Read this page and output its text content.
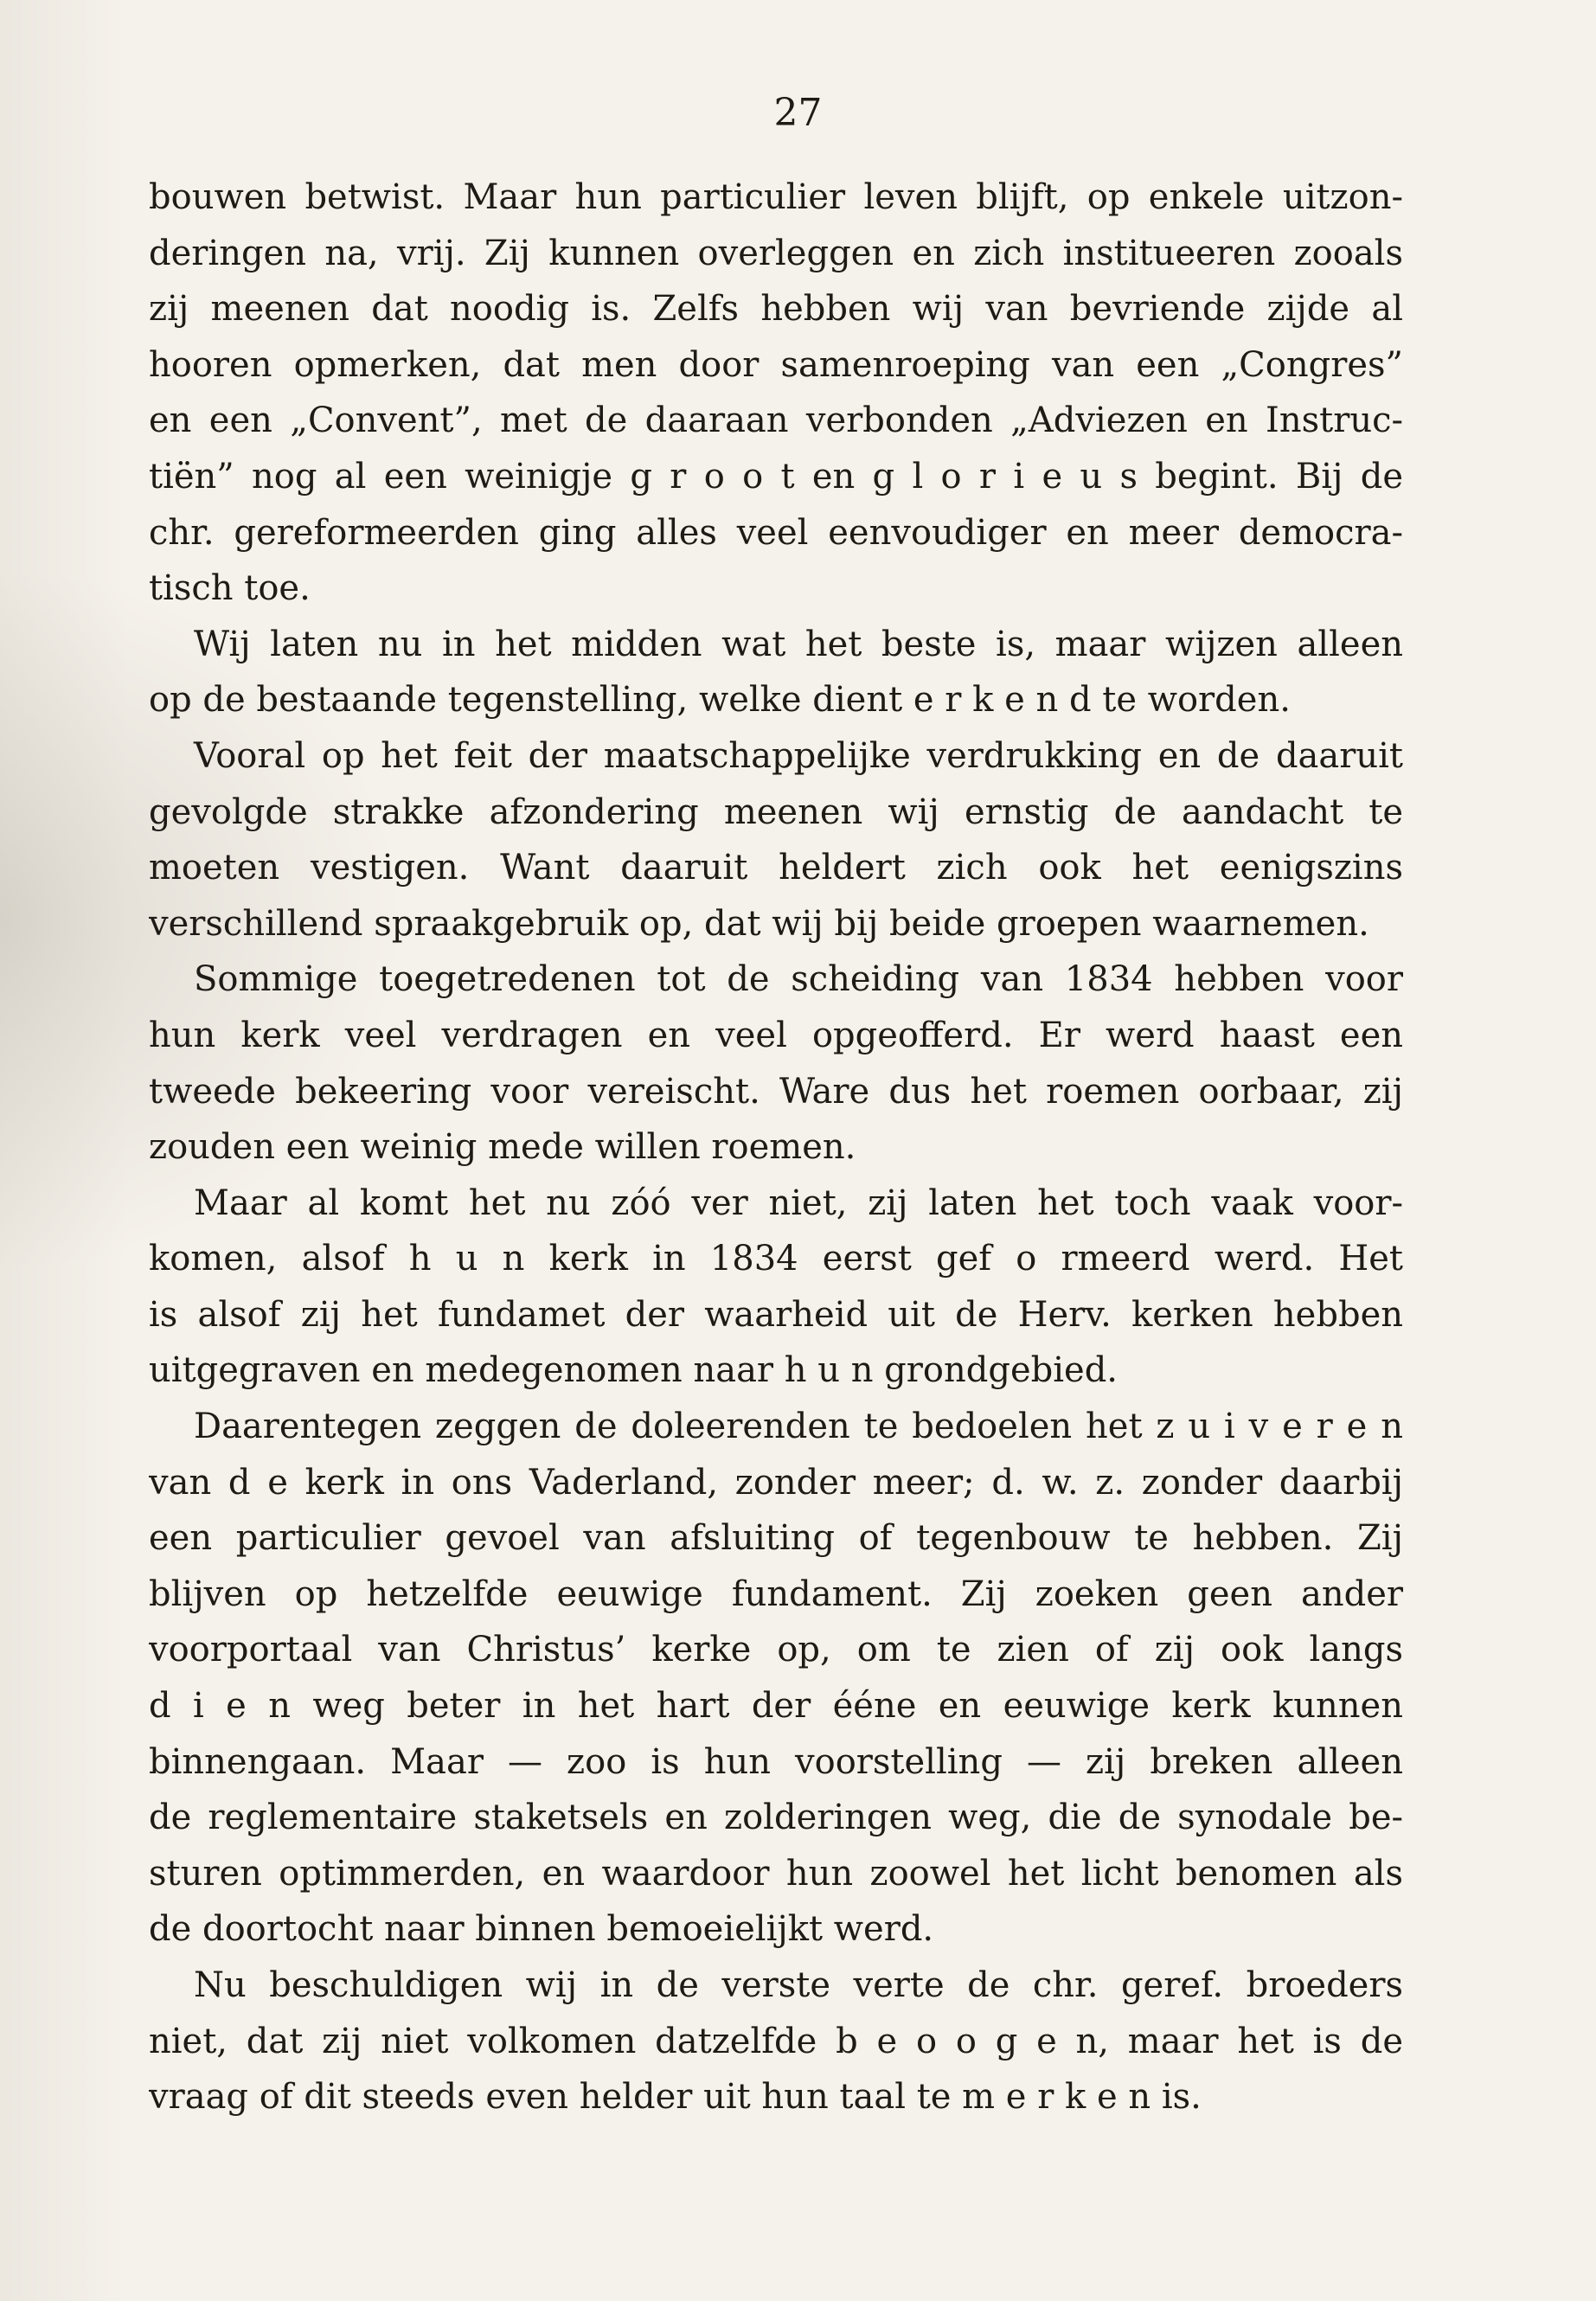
27
bouwen betwist. Maar hun particulier leven blijft, op enkele uitzon-
deringen na, vrij. Zij kunnen overleggen en zich institueeren zooals
zij meenen dat noodig is. Zelfs hebben wij van bevriende zijde al
hooren opmerken, dat men door samenroeping van een „Congres”
en een „Convent”, met de daaraan verbonden „Adviezen en Instruc-
tiën” nog al een weinigje g r o o t en g l o r i e u s begint. Bij de
chr. gereformeerden ging alles veel eenvoudiger en meer democra-
tisch toe.
Wij laten nu in het midden wat het beste is, maar wijzen alleen
op de bestaande tegenstelling, welke dient e r k e n d te worden.
Vooral op het feit der maatschappelijke verdrukking en de daaruit
gevolgde strakke afzondering meenen wij ernstig de aandacht te
moeten vestigen. Want daaruit heldert zich ook het eenigszins
verschillend spraakgebruik op, dat wij bij beide groepen waarnemen.
Sommige toegetredenen tot de scheiding van 1834 hebben voor
hun kerk veel verdragen en veel opgeofferd. Er werd haast een
tweede bekeering voor vereischt. Ware dus het roemen oorbaar, zij
zouden een weinig mede willen roemen.
Maar al komt het nu zóó ver niet, zij laten het toch vaak voor-
komen, alsof h u n kerk in 1834 eerst gef o rmeerd werd. Het
is alsof zij het fundamet der waarheid uit de Herv. kerken hebben
uitgegraven en medegenomen naar h u n grondgebied.
Daarentegen zeggen de doleerenden te bedoelen het z u i v e r e n
van d e kerk in ons Vaderland, zonder meer; d. w. z. zonder daarbij
een particulier gevoel van afsluiting of tegenbouw te hebben. Zij
blijven op hetzelfde eeuwige fundament. Zij zoeken geen ander
voorportaal van Christus’ kerke op, om te zien of zij ook langs
d i e n weg beter in het hart der ééne en eeuwige kerk kunnen
binnengaan. Maar — zoo is hun voorstelling — zij breken alleen
de reglementaire staketsels en zolderingen weg, die de synodale be-
sturen optimmerden, en waardoor hun zoowel het licht benomen als
de doortocht naar binnen bemoeielijkt werd.
Nu beschuldigen wij in de verste verte de chr. geref. broeders
niet, dat zij niet volkomen datzelfde b e o o g e n, maar het is de
vraag of dit steeds even helder uit hun taal te m e r k e n is.
